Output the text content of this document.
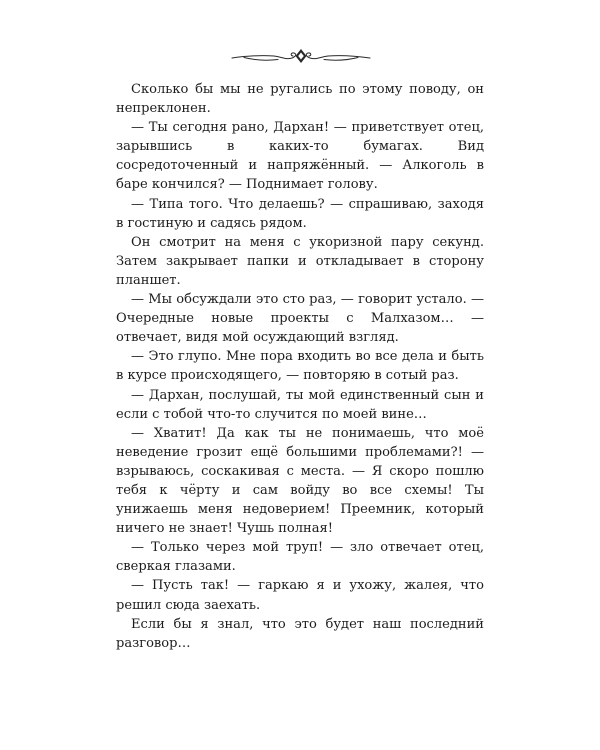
Сколько бы мы не ругались по этому поводу, он непреклонен.

— Ты сегодня рано, Дархан! — приветствует отец, зарывшись в каких-то бумагах. Вид сосредоточенный и напряжённый. — Алкоголь в баре кончился? — Поднимает голову.

— Типа того. Что делаешь? — спрашиваю, заходя в гостиную и садясь рядом.

Он смотрит на меня с укоризной пару секунд. Затем закрывает папки и откладывает в сторону планшет.

— Мы обсуждали это сто раз, — говорит устало. — Очередные новые проекты с Малхазом… — отвечает, видя мой осуждающий взгляд.

— Это глупо. Мне пора входить во все дела и быть в курсе происходящего, — повторяю в сотый раз.

— Дархан, послушай, ты мой единственный сын и если с тобой что-то случится по моей вине…

— Хватит! Да как ты не понимаешь, что моё неведение грозит ещё большими проблемами?! — взрываюсь, соскакивая с места. — Я скоро пошлю тебя к чёрту и сам войду во все схемы! Ты унижаешь меня недоверием! Преемник, который ничего не знает! Чушь полная!

— Только через мой труп! — зло отвечает отец, сверкая глазами.

— Пусть так! — гаркаю я и ухожу, жалея, что решил сюда заехать.

Если бы я знал, что это будет наш последний разговор…
